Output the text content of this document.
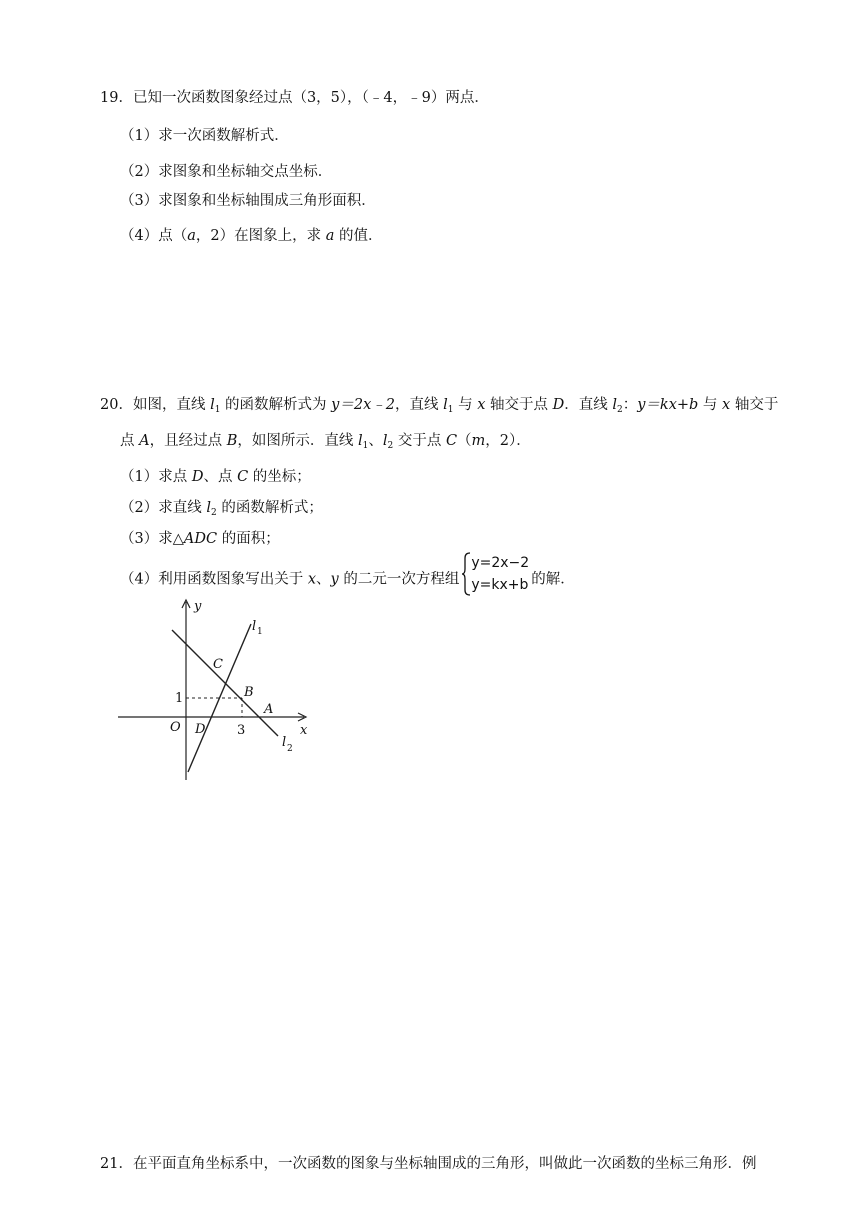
19．已知一次函数图象经过点（3，5），（﹣4，﹣9）两点．
（1）求一次函数解析式．
（2）求图象和坐标轴交点坐标．
（3）求图象和坐标轴围成三角形面积．
（4）点（a，2）在图象上，求 a 的值．
20．如图，直线 $l_1$ 的函数解析式为 y＝2x﹣2，直线 $l_1$ 与 x 轴交于点 D．直线 $l_2$：y＝kx+b 与 x 轴交于
点 A，且经过点 B，如图所示．直线 $l_1$、$l_2$ 交于点 C（m，2）．
（1）求点 D、点 C 的坐标；
（2）求直线 $l_2$ 的函数解析式；
（3）求△ADC 的面积；
（4）利用函数图象写出关于 x、y 的二元一次方程组
y=2x−2
y=kx+b 的解．
y
x
l 1
l 2
C
B
A
O D
1
3
21．在平面直角坐标系中，一次函数的图象与坐标轴围成的三角形，叫做此一次函数的坐标三角形．例
